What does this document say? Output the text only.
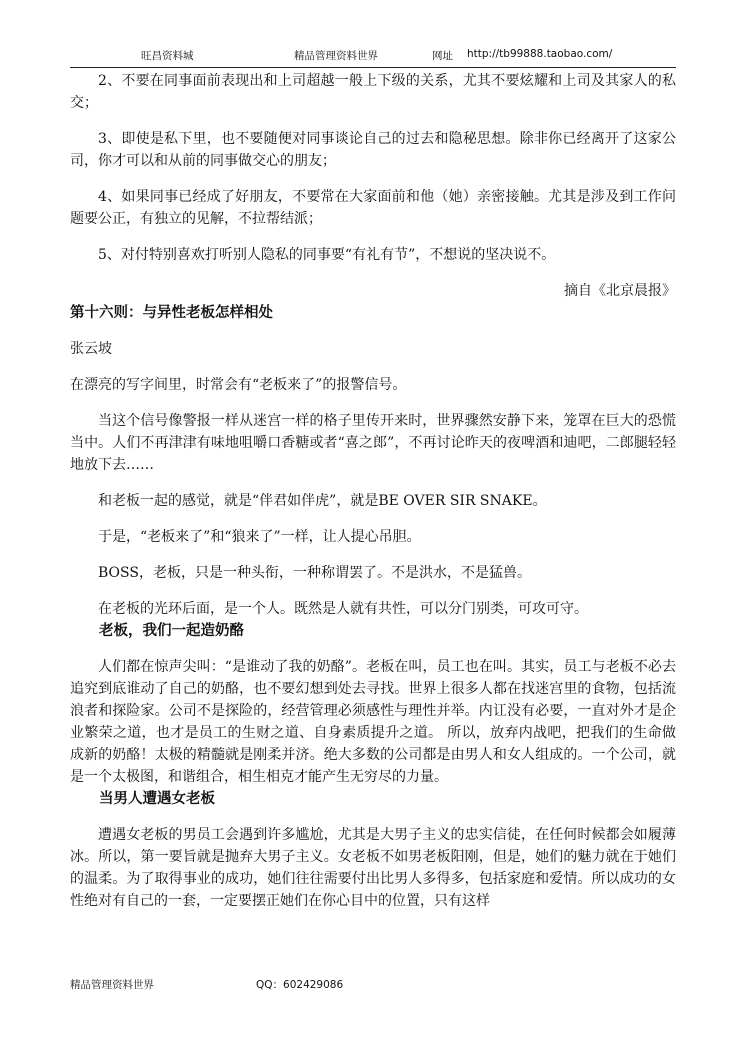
旺昌资料城	精品管理资料世界	网址 http://tb99888.taobao.com/

2、不要在同事面前表现出和上司超越一般上下级的关系，尤其不要炫耀和上司及其家人的私交；

3、即使是私下里，也不要随便对同事谈论自己的过去和隐秘思想。除非你已经离开了这家公司，你才可以和从前的同事做交心的朋友；

4、如果同事已经成了好朋友，不要常在大家面前和他（她）亲密接触。尤其是涉及到工作问题要公正，有独立的见解，不拉帮结派；

5、对付特别喜欢打听别人隐私的同事要“有礼有节”，不想说的坚决说不。

摘自《北京晨报》

第十六则：与异性老板怎样相处

张云坡

在漂亮的写字间里，时常会有“老板来了”的报警信号。

当这个信号像警报一样从迷宫一样的格子里传开来时，世界骤然安静下来，笼罩在巨大的恐慌当中。人们不再津津有味地咀嚼口香糖或者“喜之郎”，不再讨论昨天的夜啤酒和迪吧，二郎腿轻轻地放下去……

和老板一起的感觉，就是“伴君如伴虎”，就是BE OVER SIR SNAKE。

于是，“老板来了”和“狼来了”一样，让人提心吊胆。

BOSS，老板，只是一种头衔，一种称谓罢了。不是洪水，不是猛兽。

在老板的光环后面，是一个人。既然是人就有共性，可以分门别类，可攻可守。

老板，我们一起造奶酪

人们都在惊声尖叫：“是谁动了我的奶酪”。老板在叫，员工也在叫。其实，员工与老板不必去追究到底谁动了自己的奶酪，也不要幻想到处去寻找。世界上很多人都在找迷宫里的食物，包括流浪者和探险家。公司不是探险的，经营管理必须感性与理性并举。内讧没有必要，一直对外才是企业繁荣之道，也才是员工的生财之道、自身素质提升之道。 所以，放弃内战吧，把我们的生命做成新的奶酪！太极的精髓就是刚柔并济。绝大多数的公司都是由男人和女人组成的。一个公司，就是一个太极图，和谐组合，相生相克才能产生无穷尽的力量。

当男人遭遇女老板

遭遇女老板的男员工会遇到许多尴尬，尤其是大男子主义的忠实信徒，在任何时候都会如履薄冰。所以，第一要旨就是抛弃大男子主义。女老板不如男老板阳刚，但是，她们的魅力就在于她们的温柔。为了取得事业的成功，她们往往需要付出比男人多得多，包括家庭和爱情。所以成功的女性绝对有自己的一套，一定要摆正她们在你心目中的位置，只有这样

精品管理资料世界	QQ：602429086
